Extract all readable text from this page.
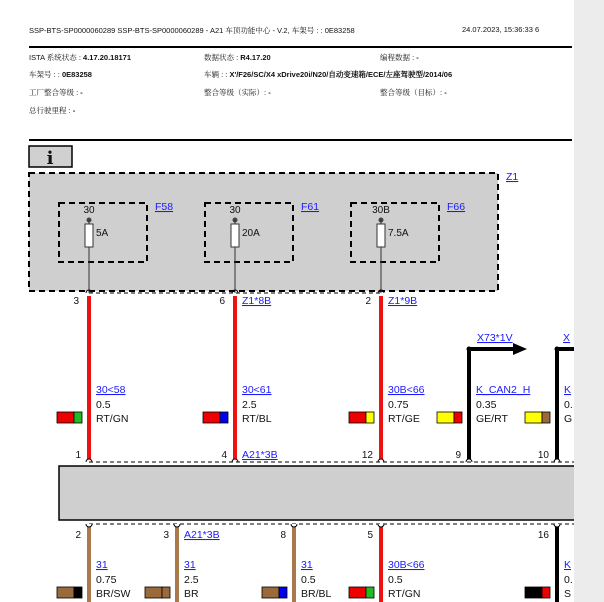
SSP-BTS-SP0000060289 SSP-BTS-SP0000060289 - A21 车顶功能中心 - V.2, 车架号 : : 0E83258	24.07.2023, 15:36:33 6
ISTA 系统状态 : 4.17.20.18171	数据状态 : R4.17.20	编程数据 : -
车架号 : : 0E83258	车辆 : : X'/F26/SC/X4 xDrive20i/N20/自动变速箱/ECE/左座驾驶型/2014/06
工厂整合等级 : -	整合等级（实际）: -	整合等级（目标）: -
总行驶里程 : -
i
Z1
F58
30
5A
3
F61
30
20A
6 Z1*8B
F66
30B
7.5A
2 Z1*9B
30<58
0.5
RT/GN
1
30<61
2.5
RT/BL
4 A21*3B
30B<66
0.75
RT/GE
12
K_CAN2_H
0.35
GE/RT
9
K
0.
G
10
31
0.75
BR/SW
2
31
2.5
BR
3 A21*3B
31
0.5
BR/BL
8
30B<66
0.5
RT/GN
5
K
0.
S
16
X73*1V	X
